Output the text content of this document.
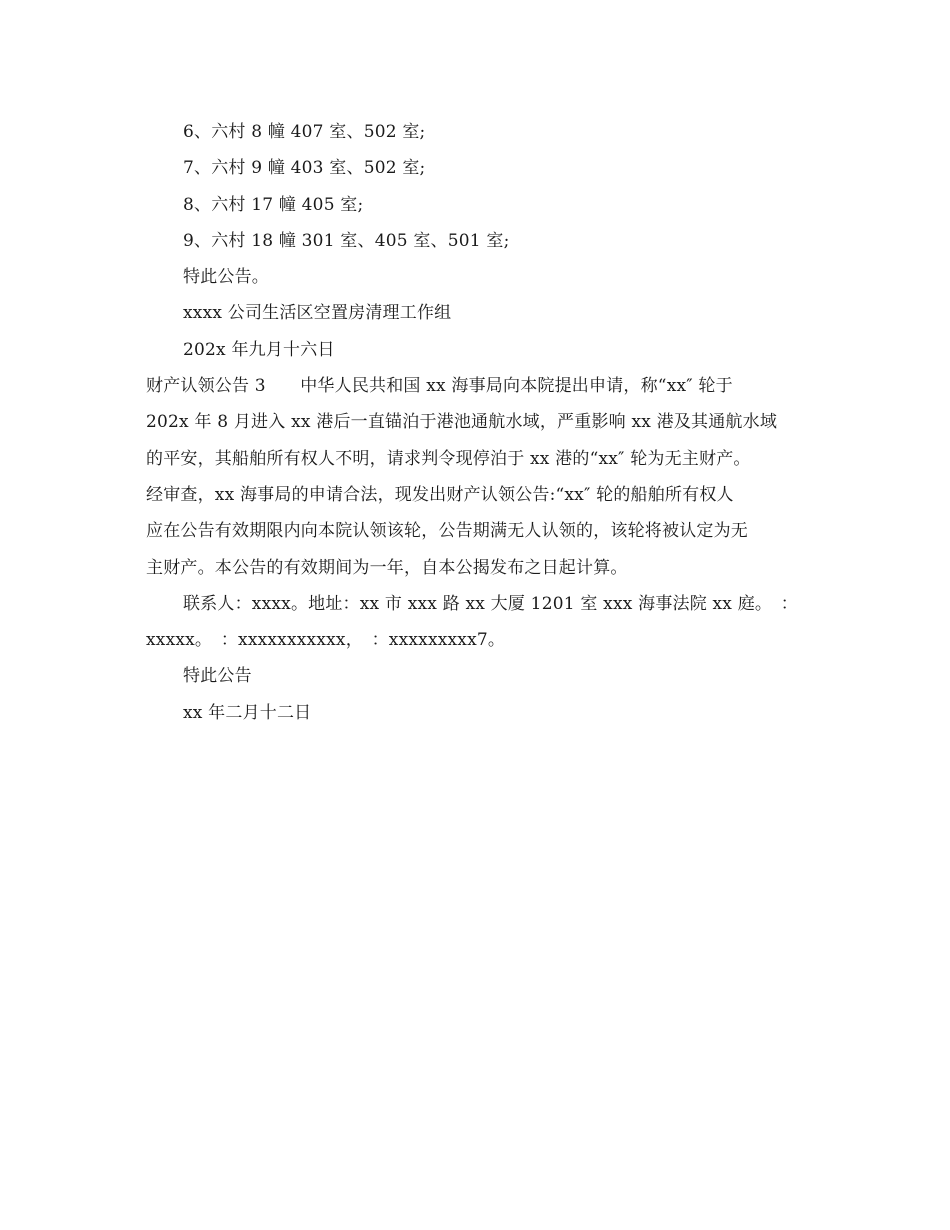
6、六村 8 幢 407 室、502 室;
7、六村 9 幢 403 室、502 室;
8、六村 17 幢 405 室;
9、六村 18 幢 301 室、405 室、501 室;
特此公告。
xxxx 公司生活区空置房清理工作组
202x 年九月十六日
财产认领公告 3　　中华人民共和国 xx 海事局向本院提出申请，称“xx″ 轮于
202x 年 8 月进入 xx 港后一直锚泊于港池通航水域，严重影响 xx 港及其通航水域
的平安，其船舶所有权人不明，请求判令现停泊于 xx 港的“xx″ 轮为无主财产。
经审查，xx 海事局的申请合法，现发出财产认领公告:“xx″ 轮的船舶所有权人
应在公告有效期限内向本院认领该轮，公告期满无人认领的，该轮将被认定为无
主财产。本公告的有效期间为一年，自本公揭发布之日起计算。
联系人：xxxx。地址：xx 市 xxx 路 xx 大厦 1201 室 xxx 海事法院 xx 庭。　：
xxxxx。　：xxxxxxxxxxx，　：xxxxxxxxx7。
特此公告
xx 年二月十二日
